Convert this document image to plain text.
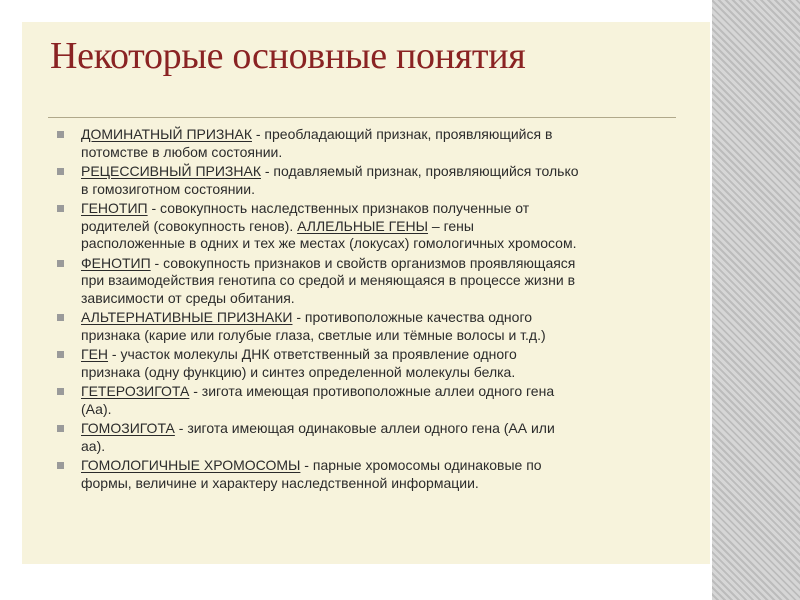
Некоторые основные понятия
ДОМИНАТНЫЙ ПРИЗНАК - преобладающий признак, проявляющийся в
потомстве в любом состоянии.
РЕЦЕССИВНЫЙ ПРИЗНАК - подавляемый признак, проявляющийся только
в гомозиготном состоянии.
ГЕНОТИП - совокупность наследственных признаков полученные от
родителей (совокупность генов). АЛЛЕЛЬНЫЕ ГЕНЫ – гены
расположенные в одних и тех же местах (локусах) гомологичных хромосом.
ФЕНОТИП - совокупность признаков и свойств организмов проявляющаяся
при взаимодействия генотипа со средой и меняющаяся в процессе жизни в
зависимости от среды обитания.
АЛЬТЕРНАТИВНЫЕ ПРИЗНАКИ - противоположные качества одного
признака (карие или голубые глаза, светлые или тёмные волосы и т.д.)
ГЕН - участок молекулы ДНК ответственный за проявление одного
признака (одну функцию) и синтез определенной молекулы белка.
ГЕТЕРОЗИГОТА - зигота имеющая противоположные аллеи одного гена
(Аа).
ГОМОЗИГОТА - зигота имеющая одинаковые аллеи одного гена (АА или
аа).
ГОМОЛОГИЧНЫЕ ХРОМОСОМЫ - парные хромосомы одинаковые по
формы, величине и характеру наследственной информации.
